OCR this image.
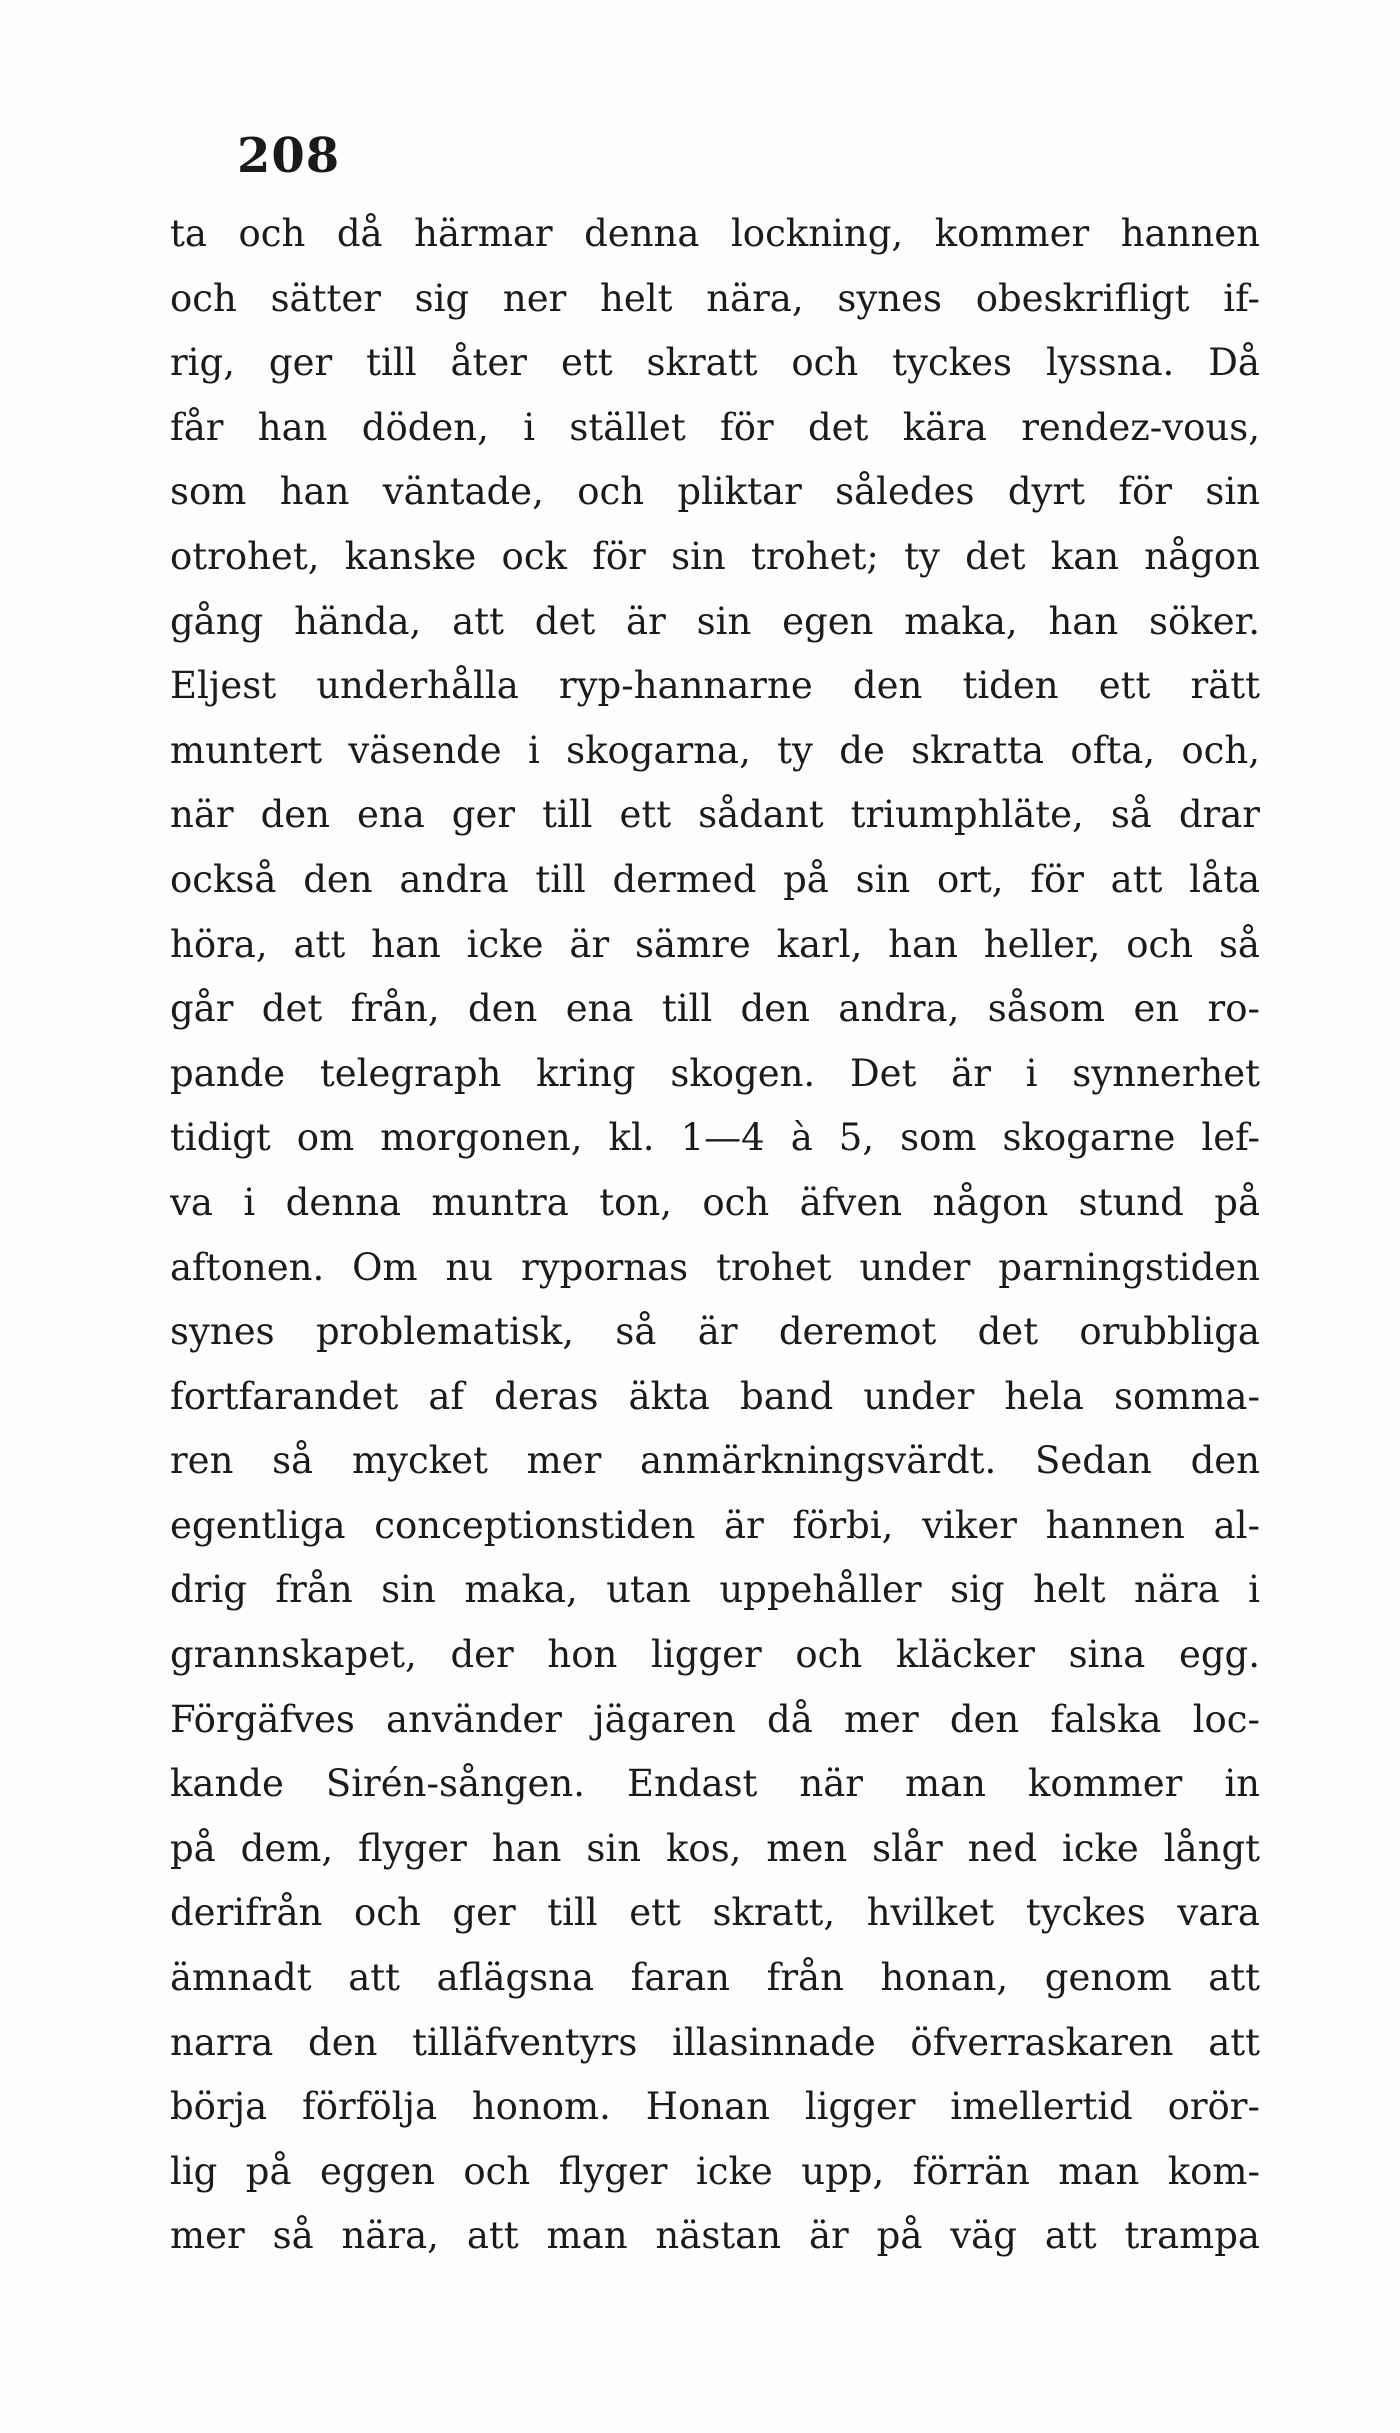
208
ta och då härmar denna lockning, kommer hannen
och sätter sig ner helt nära, synes obeskrifligt if-
rig, ger till åter ett skratt och tyckes lyssna. Då
får han döden, i stället för det kära rendez-vous,
som han väntade, och pliktar således dyrt för sin
otrohet, kanske ock för sin trohet; ty det kan någon
gång hända, att det är sin egen maka, han söker.
Eljest underhålla ryp-hannarne den tiden ett rätt
muntert väsende i skogarna, ty de skratta ofta, och,
när den ena ger till ett sådant triumphläte, så drar
också den andra till dermed på sin ort, för att låta
höra, att han icke är sämre karl, han heller, och så
går det från, den ena till den andra, såsom en ro-
pande telegraph kring skogen. Det är i synnerhet
tidigt om morgonen, kl. 1—4 à 5, som skogarne lef-
va i denna muntra ton, och äfven någon stund på
aftonen. Om nu rypornas trohet under parningstiden
synes problematisk, så är deremot det orubbliga
fortfarandet af deras äkta band under hela somma-
ren så mycket mer anmärkningsvärdt. Sedan den
egentliga conceptionstiden är förbi, viker hannen al-
drig från sin maka, utan uppehåller sig helt nära i
grannskapet, der hon ligger och kläcker sina egg.
Förgäfves använder jägaren då mer den falska loc-
kande Sirén-sången. Endast när man kommer in
på dem, flyger han sin kos, men slår ned icke långt
derifrån och ger till ett skratt, hvilket tyckes vara
ämnadt att aflägsna faran från honan, genom att
narra den tilläfventyrs illasinnade öfverraskaren att
börja förfölja honom. Honan ligger imellertid orör-
lig på eggen och flyger icke upp, förrän man kom-
mer så nära, att man nästan är på väg att trampa
